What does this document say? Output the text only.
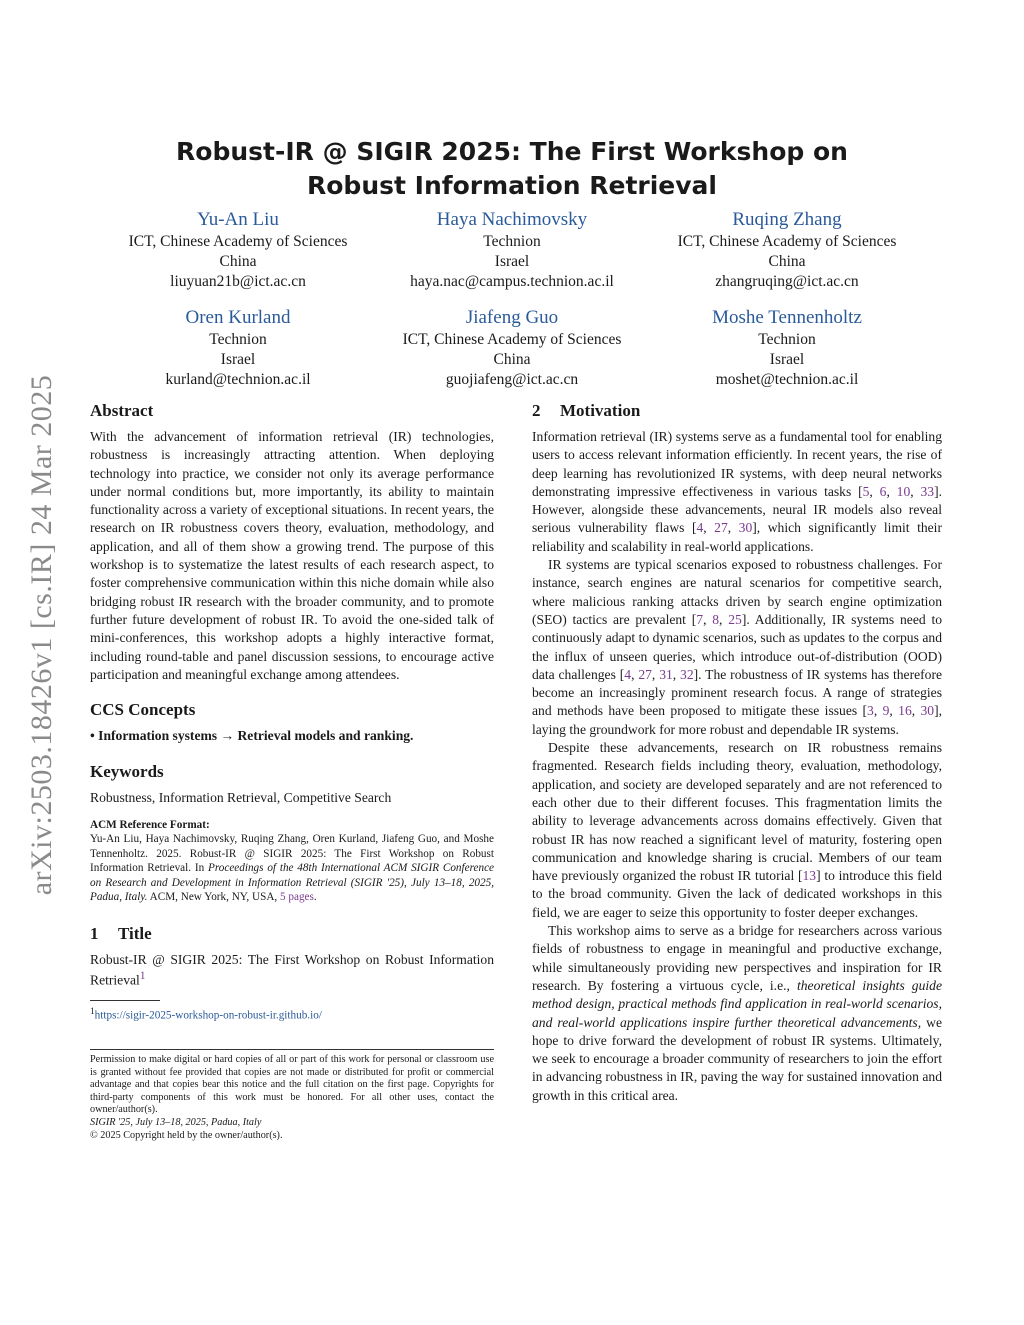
arXiv:2503.18426v1 [cs.IR] 24 Mar 2025
Robust-IR @ SIGIR 2025: The First Workshop on
Robust Information Retrieval
Yu-An Liu
ICT, Chinese Academy of Sciences
China
liuyuan21b@ict.ac.cn
Haya Nachimovsky
Technion
Israel
haya.nac@campus.technion.ac.il
Ruqing Zhang
ICT, Chinese Academy of Sciences
China
zhangruqing@ict.ac.cn
Oren Kurland
Technion
Israel
kurland@technion.ac.il
Jiafeng Guo
ICT, Chinese Academy of Sciences
China
guojiafeng@ict.ac.cn
Moshe Tennenholtz
Technion
Israel
moshet@technion.ac.il
Abstract

With the advancement of information retrieval (IR) technologies, robustness is increasingly attracting attention. When deploying technology into practice, we consider not only its average performance under normal conditions but, more importantly, its ability to maintain functionality across a variety of exceptional situations. In recent years, the research on IR robustness covers theory, evaluation, methodology, and application, and all of them show a growing trend. The purpose of this workshop is to systematize the latest results of each research aspect, to foster comprehensive communication within this niche domain while also bridging robust IR research with the broader community, and to promote further future development of robust IR. To avoid the one-sided talk of mini-conferences, this workshop adopts a highly interactive format, including round-table and panel discussion sessions, to encourage active participation and meaningful exchange among attendees.

CCS Concepts

• Information systems → Retrieval models and ranking.

Keywords

Robustness, Information Retrieval, Competitive Search

ACM Reference Format:

Yu-An Liu, Haya Nachimovsky, Ruqing Zhang, Oren Kurland, Jiafeng Guo, and Moshe Tennenholtz. 2025. Robust-IR @ SIGIR 2025: The First Workshop on Robust Information Retrieval. In Proceedings of the 48th International ACM SIGIR Conference on Research and Development in Information Retrieval (SIGIR '25), July 13–18, 2025, Padua, Italy. ACM, New York, NY, USA, 5 pages.

1 Title

Robust-IR @ SIGIR 2025: The First Workshop on Robust Information Retrieval$^1$

$^1$https://sigir-2025-workshop-on-robust-ir.github.io/

Permission to make digital or hard copies of all or part of this work for personal or classroom use is granted without fee provided that copies are not made or distributed for profit or commercial advantage and that copies bear this notice and the full citation on the first page. Copyrights for third-party components of this work must be honored. For all other uses, contact the owner/author(s).

SIGIR '25, July 13–18, 2025, Padua, Italy
© 2025 Copyright held by the owner/author(s).
2 Motivation

Information retrieval (IR) systems serve as a fundamental tool for enabling users to access relevant information efficiently. In recent years, the rise of deep learning has revolutionized IR systems, with deep neural networks demonstrating impressive effectiveness in various tasks [5, 6, 10, 33]. However, alongside these advancements, neural IR models also reveal serious vulnerability flaws [4, 27, 30], which significantly limit their reliability and scalability in real-world applications.

IR systems are typical scenarios exposed to robustness challenges. For instance, search engines are natural scenarios for competitive search, where malicious ranking attacks driven by search engine optimization (SEO) tactics are prevalent [7, 8, 25]. Additionally, IR systems need to continuously adapt to dynamic scenarios, such as updates to the corpus and the influx of unseen queries, which introduce out-of-distribution (OOD) data challenges [4, 27, 31, 32]. The robustness of IR systems has therefore become an increasingly prominent research focus. A range of strategies and methods have been proposed to mitigate these issues [3, 9, 16, 30], laying the groundwork for more robust and dependable IR systems.

Despite these advancements, research on IR robustness remains fragmented. Research fields including theory, evaluation, methodology, application, and society are developed separately and are not referenced to each other due to their different focuses. This fragmentation limits the ability to leverage advancements across domains effectively. Given that robust IR has now reached a significant level of maturity, fostering open communication and knowledge sharing is crucial. Members of our team have previously organized the robust IR tutorial [13] to introduce this field to the broad community. Given the lack of dedicated workshops in this field, we are eager to seize this opportunity to foster deeper exchanges.

This workshop aims to serve as a bridge for researchers across various fields of robustness to engage in meaningful and productive exchange, while simultaneously providing new perspectives and inspiration for IR research. By fostering a virtuous cycle, i.e., theoretical insights guide method design, practical methods find application in real-world scenarios, and real-world applications inspire further theoretical advancements, we hope to drive forward the development of robust IR systems. Ultimately, we seek to encourage a broader community of researchers to join the effort in advancing robustness in IR, paving the way for sustained innovation and growth in this critical area.
